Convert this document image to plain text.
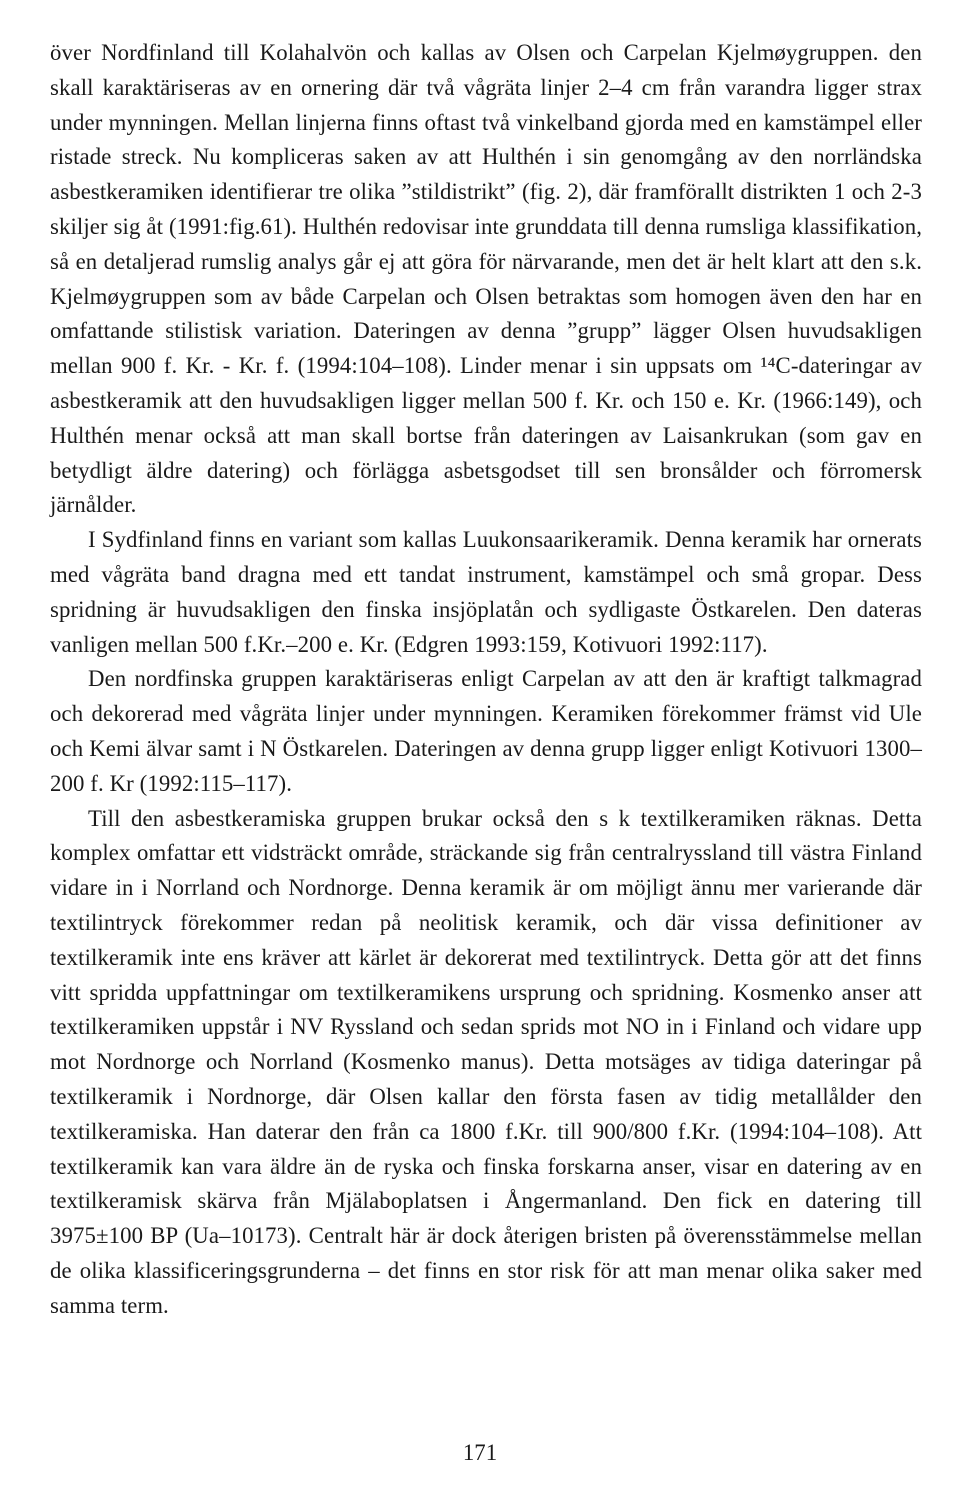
över Nordfinland till Kolahalvön och kallas av Olsen och Carpelan Kjelmøygruppen. den skall karaktäriseras av en ornering där två vågräta linjer 2–4 cm från varandra ligger strax under mynningen. Mellan linjerna finns oftast två vinkelband gjorda med en kamstämpel eller ristade streck. Nu kompliceras saken av att Hulthén i sin genomgång av den norrländska asbestkeramiken identifierar tre olika ”stildistrikt” (fig. 2), där framförallt distrikten 1 och 2-3 skiljer sig åt (1991:fig.61). Hulthén redovisar inte grunddata till denna rumsliga klassifikation, så en detaljerad rumslig analys går ej att göra för närvarande, men det är helt klart att den s.k. Kjelmøygruppen som av både Carpelan och Olsen betraktas som homogen även den har en omfattande stilistisk variation. Dateringen av denna ”grupp” lägger Olsen huvudsakligen mellan 900 f. Kr. - Kr. f. (1994:104–108). Linder menar i sin uppsats om ¹⁴C-dateringar av asbestkeramik att den huvudsakligen ligger mellan 500 f. Kr. och 150 e. Kr. (1966:149), och Hulthén menar också att man skall bortse från dateringen av Laisankrukan (som gav en betydligt äldre datering) och förlägga asbetsgodset till sen bronsålder och förromersk järnålder.

I Sydfinland finns en variant som kallas Luukonsaarikeramik. Denna keramik har ornerats med vågräta band dragna med ett tandat instrument, kamstämpel och små gropar. Dess spridning är huvudsakligen den finska insjöplatån och sydligaste Östkarelen. Den dateras vanligen mellan 500 f.Kr.–200 e. Kr. (Edgren 1993:159, Kotivuori 1992:117).

Den nordfinska gruppen karaktäriseras enligt Carpelan av att den är kraftigt talkmagrad och dekorerad med vågräta linjer under mynningen. Keramiken förekommer främst vid Ule och Kemi älvar samt i N Östkarelen. Dateringen av denna grupp ligger enligt Kotivuori 1300–200 f. Kr (1992:115–117).

Till den asbestkeramiska gruppen brukar också den s k textilkeramiken räknas. Detta komplex omfattar ett vidsträckt område, sträckande sig från centralryssland till västra Finland vidare in i Norrland och Nordnorge. Denna keramik är om möjligt ännu mer varierande där textilintryck förekommer redan på neolitisk keramik, och där vissa definitioner av textilkeramik inte ens kräver att kärlet är dekorerat med textilintryck. Detta gör att det finns vitt spridda uppfattningar om textilkeramikens ursprung och spridning. Kosmenko anser att textilkeramiken uppstår i NV Ryssland och sedan sprids mot NO in i Finland och vidare upp mot Nordnorge och Norrland (Kosmenko manus). Detta motsäges av tidiga dateringar på textilkeramik i Nordnorge, där Olsen kallar den första fasen av tidig metallålder den textilkeramiska. Han daterar den från ca 1800 f.Kr. till 900/800 f.Kr. (1994:104–108). Att textilkeramik kan vara äldre än de ryska och finska forskarna anser, visar en datering av en textilkeramisk skärva från Mjälaboplatsen i Ångermanland. Den fick en datering till 3975±100 BP (Ua–10173). Centralt här är dock återigen bristen på överensstämmelse mellan de olika klassificeringsgrunderna – det finns en stor risk för att man menar olika saker med samma term.

171
